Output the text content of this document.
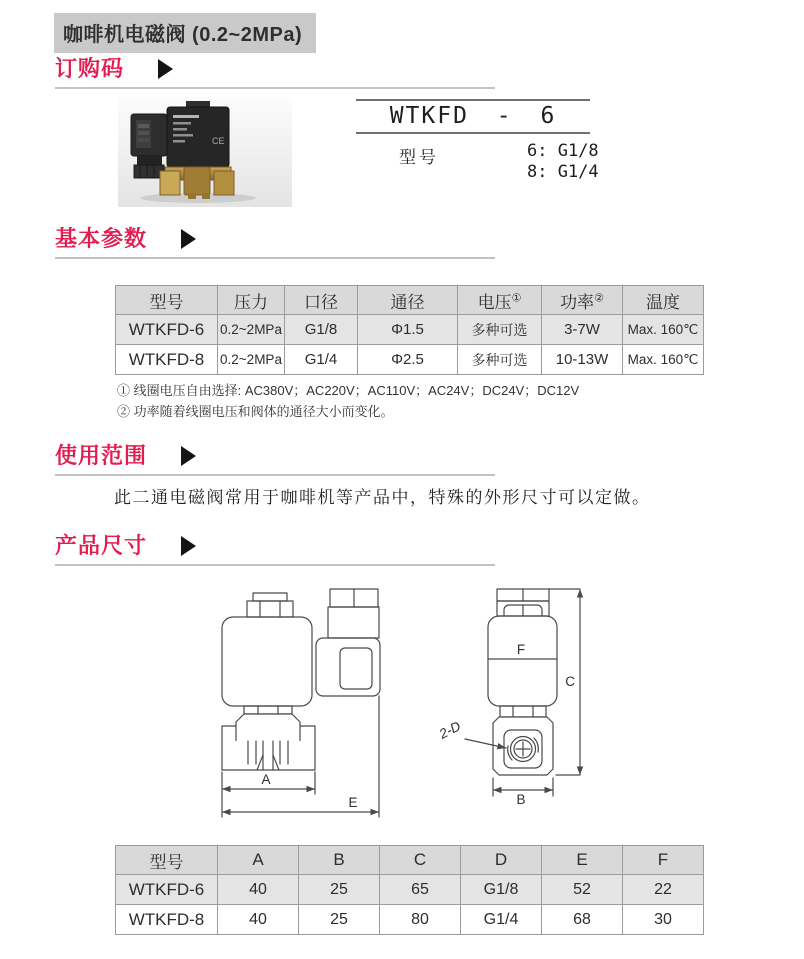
咖啡机电磁阀 (0.2~2MPa)
订购码
CE
WTKFD - 6
型号	6: G1/8
8: G1/4
基本参数
型号	压力	口径	通径	电压①	功率②	温度
WTKFD-6	0.2~2MPa	G1/8	Φ1.5	多种可选	3-7W	Max. 160℃
WTKFD-8	0.2~2MPa	G1/4	Φ2.5	多种可选	10-13W	Max. 160℃
① 线圈电压自由选择: AC380V；AC220V；AC110V；AC24V；DC24V；DC12V
② 功率随着线圈电压和阀体的通径大小而变化。
使用范围
此二通电磁阀常用于咖啡机等产品中，特殊的外形尺寸可以定做。
产品尺寸
A
E
F
2-D
C
B
型号	A	B	C	D	E	F
WTKFD-6	40	25	65	G1/8	52	22
WTKFD-8	40	25	80	G1/4	68	30
